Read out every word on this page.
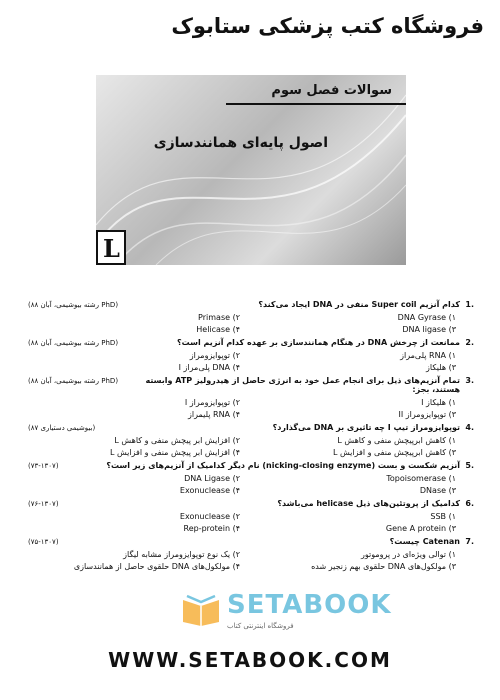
فروشگاه کتب پزشکی ستابوک
سوالات فصل سوم
اصول پایه‌ای همانندسازی
L
1.
کدام آنزیم Super coil منفی در DNA ایجاد می‌کند؟
(PhD رشته بیوشیمی، آبان ۸۸)
۱) DNA Gyrase
۲) Primase
۳) DNA ligase
۴) Helicase
2.
ممانعت از چرخش DNA در هنگام همانندسازی بر عهده کدام آنزیم است؟
(PhD رشته بیوشیمی، آبان ۸۸)
۱) RNA پلی‌مراز
۲) توپوایزومراز
۳) هلیکاز
۴) DNA پلی‌مراز I
3.
تمام آنزیم‌های ذیل برای انجام عمل خود به انرژی حاصل از هیدرولیز ATP وابسته هستند، بجز:
(PhD رشته بیوشیمی، آبان ۸۸)
۱) هلیکاز I
۲) توپوایزومراز I
۳) توپوایزومراز II
۴) RNA پلیمراز
4.
توپوایزومراز تیپ I چه تاثیری بر DNA می‌گذارد؟
(بیوشیمی دستیاری ۸۷)
۱) کاهش ابرپیچش منفی و کاهش L
۲) افزایش ابر پیچش منفی و کاهش L
۳) کاهش ابرپیچش منفی و افزایش L
۴) افزایش ابر پیچش منفی و افزایش L
5.
آنزیم شکست و بست (nicking-closing enzyme) نام دیگر کدامیک از آنزیم‌های زیر است؟
(۷۳-۱۳۰۷)
۱) Topoisomerase
۲) DNA Ligase
۳) DNase
۴) Exonuclease
6.
کدامیک از پروتئین‌های ذیل helicase می‌باشد؟
(۷۶-۱۳۰۷)
۱) SSB
۲) Exonuclease
۳) Gene A protein
۴) Rep-protein
7.
Catenan چیست؟
(۷۵-۱۳۰۷)
۱) توالی ویژه‌ای در پروموتور
۲) یک نوع توپوایزومراز مشابه لیگاز
۳) مولکول‌های DNA حلقوی بهم زنجیر شده
۴) مولکول‌های DNA حلقوی حاصل از همانندسازی
SETABOOK
فروشگاه اینترنتی کتاب
WWW.SETABOOK.COM
